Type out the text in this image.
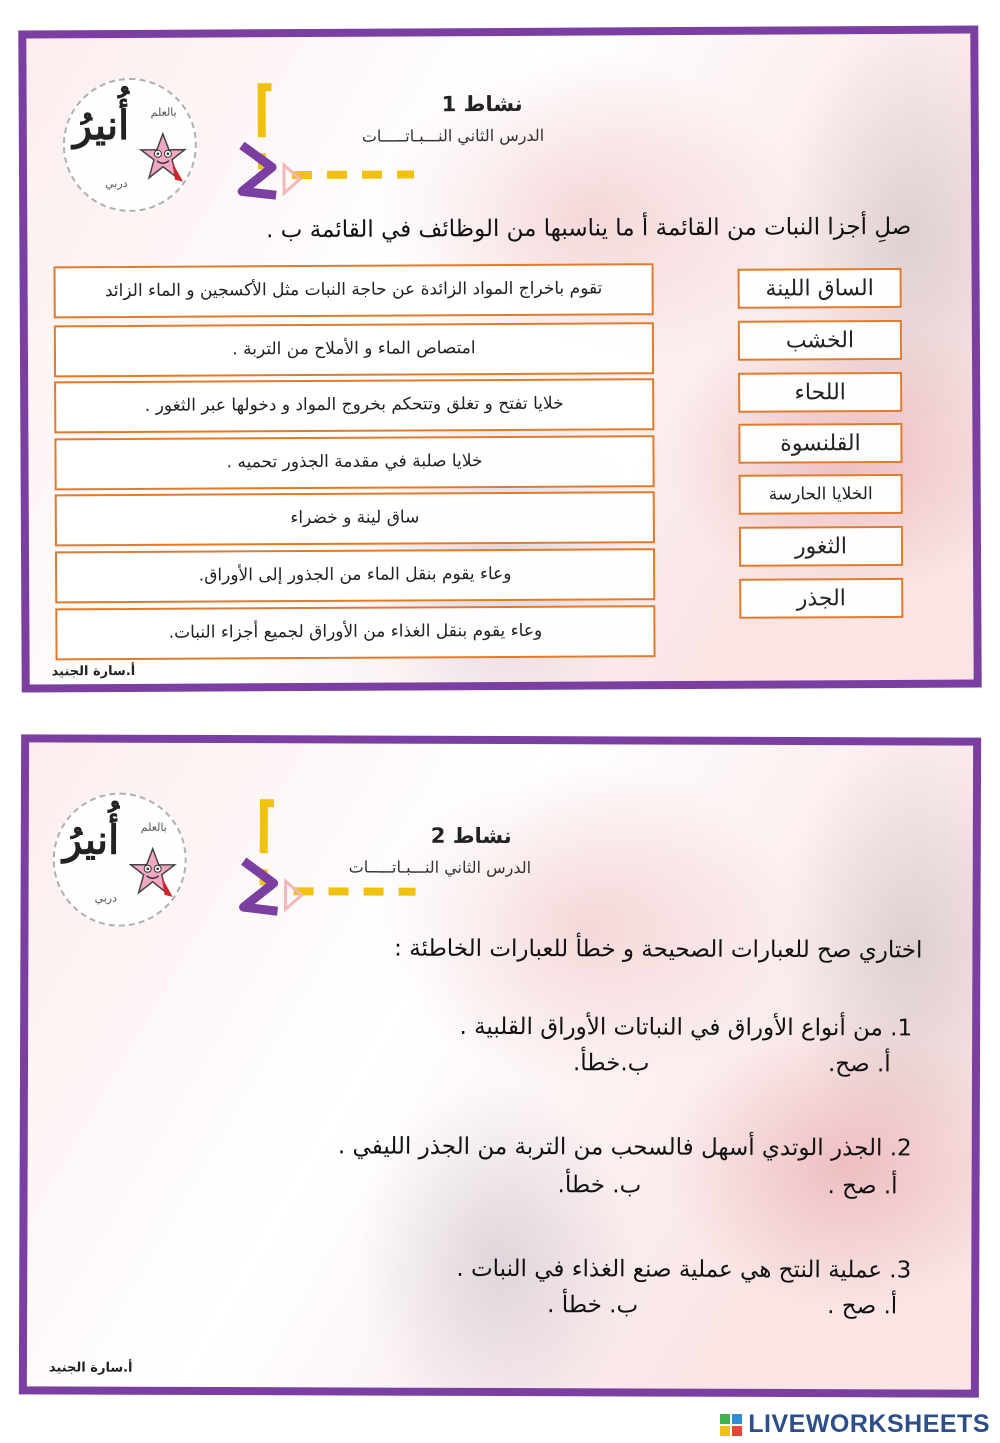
أُنيرُ بالعلم
دربي
نشاط 1
الدرس الثاني النـــبـاتـــــات
صلِ أجزا النبات من القائمة أ ما يناسبها من الوظائف في القائمة ب .
تقوم باخراج المواد الزائدة عن حاجة النبات مثل الأكسجين و الماء الزائد
امتصاص الماء و الأملاح من التربة .
خلايا تفتح و تغلق وتتحكم بخروج المواد و دخولها عبر الثغور .
خلايا صلبة في مقدمة الجذور تحميه .
ساق لينة و خضراء
وعاء يقوم بنقل الماء من الجذور إلى الأوراق.
وعاء يقوم بنقل الغذاء من الأوراق لجميع أجزاء النبات.
الساق اللينة
الخشب
اللحاء
القلنسوة
الخلايا الحارسة
الثغور
الجذر
أ.سارة الجنيد
أُنيرُ بالعلم
دربي
نشاط 2
الدرس الثاني النـــبـاتـــــات
اختاري صح للعبارات الصحيحة و خطأ للعبارات الخاطئة :
1. من أنواع الأوراق في النباتات الأوراق القلبية .
أ. صح.
ب.خطأ.
2. الجذر الوتدي أسهل فالسحب من التربة من الجذر الليفي .
أ. صح .
ب. خطأ.
3. عملية النتح هي عملية صنع الغذاء في النبات .
أ. صح .
ب. خطأ .
أ.سارة الجنيد
LIVEWORKSHEETS
